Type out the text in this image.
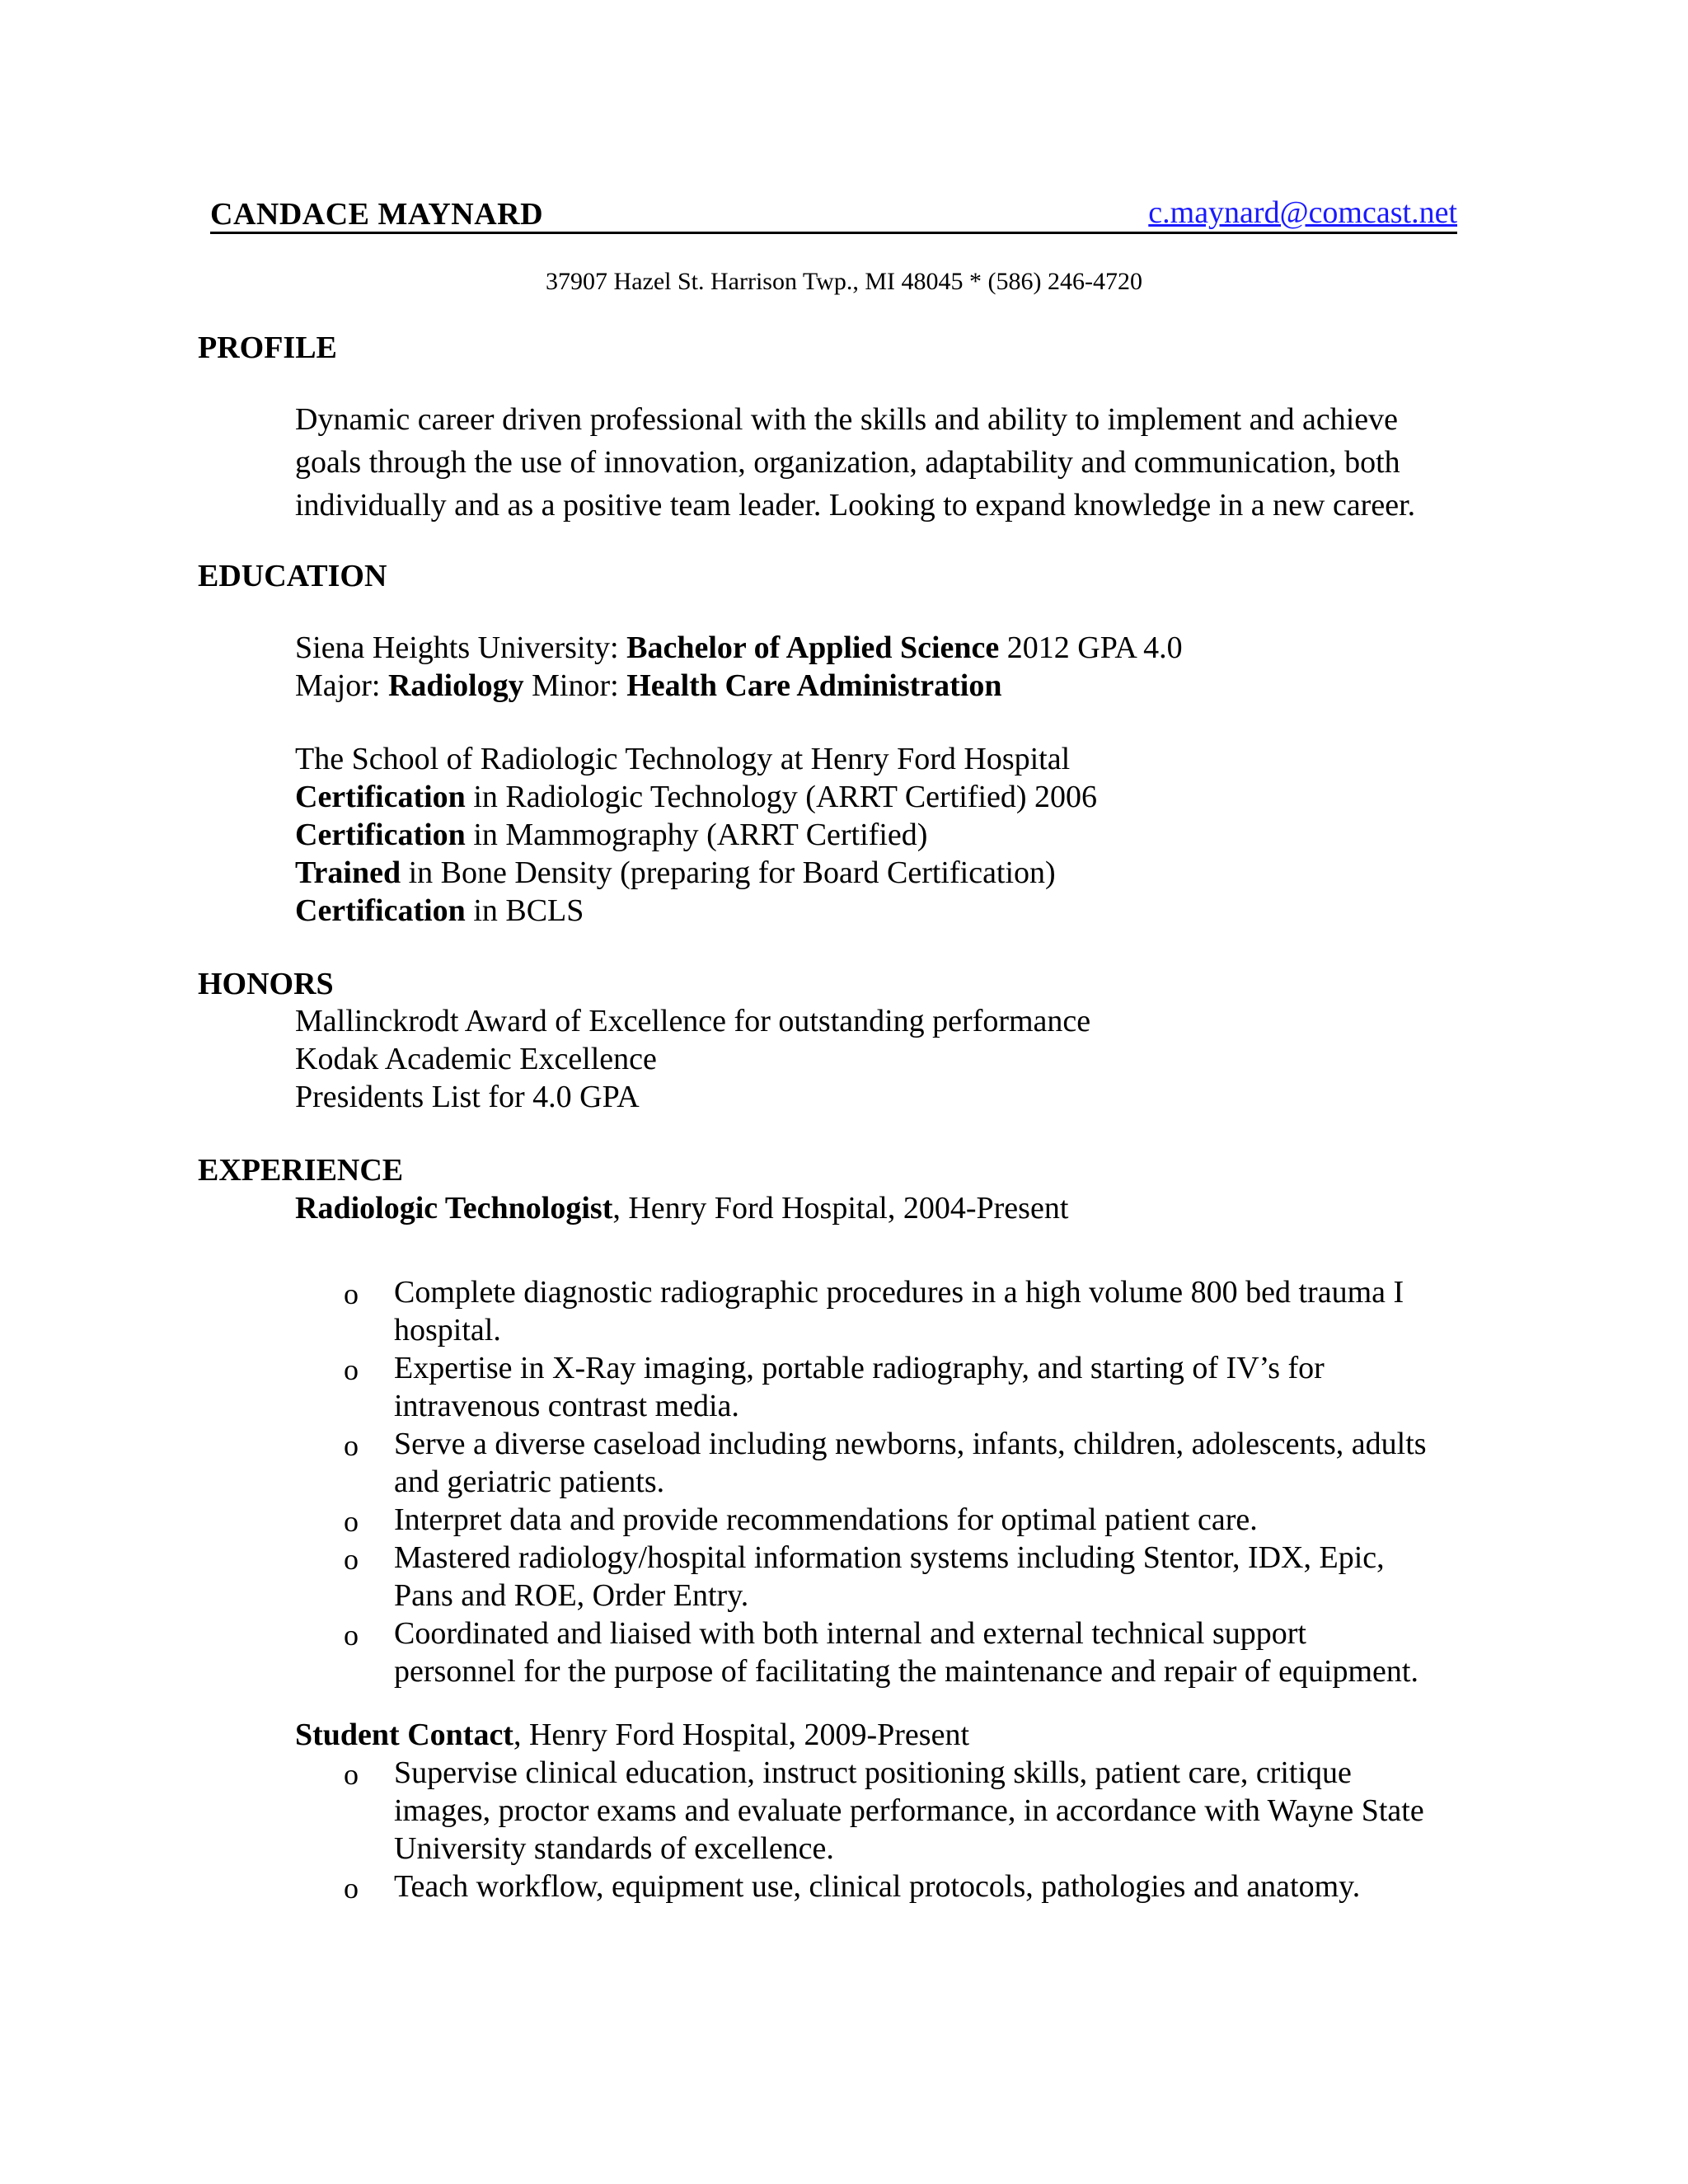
CANDACE MAYNARD	c.maynard@comcast.net
37907 Hazel St. Harrison Twp., MI 48045 * (586) 246-4720
PROFILE

Dynamic career driven professional with the skills and ability to implement and achieve

goals through the use of innovation, organization, adaptability and communication, both

individually and as a positive team leader. Looking to expand knowledge in a new career.

EDUCATION
Siena Heights University: Bachelor of Applied Science 2012 GPA 4.0
Major: Radiology Minor: Health Care Administration
The School of Radiologic Technology at Henry Ford Hospital
Certification in Radiologic Technology (ARRT Certified) 2006
Certification in Mammography (ARRT Certified)
Trained in Bone Density (preparing for Board Certification)
Certification in BCLS
HONORS
Mallinckrodt Award of Excellence for outstanding performance
Kodak Academic Excellence
Presidents List for 4.0 GPA
EXPERIENCE
Radiologic Technologist, Henry Ford Hospital, 2004-Present
o Complete diagnostic radiographic procedures in a high volume 800 bed trauma I
hospital.
o Expertise in X-Ray imaging, portable radiography, and starting of IV’s for
intravenous contrast media.
o Serve a diverse caseload including newborns, infants, children, adolescents, adults
and geriatric patients.
o Interpret data and provide recommendations for optimal patient care.
o Mastered radiology/hospital information systems including Stentor, IDX, Epic,
Pans and ROE, Order Entry.
o Coordinated and liaised with both internal and external technical support
personnel for the purpose of facilitating the maintenance and repair of equipment.
Student Contact, Henry Ford Hospital, 2009-Present
o Supervise clinical education, instruct positioning skills, patient care, critique
images, proctor exams and evaluate performance, in accordance with Wayne State
University standards of excellence.
o Teach workflow, equipment use, clinical protocols, pathologies and anatomy.
